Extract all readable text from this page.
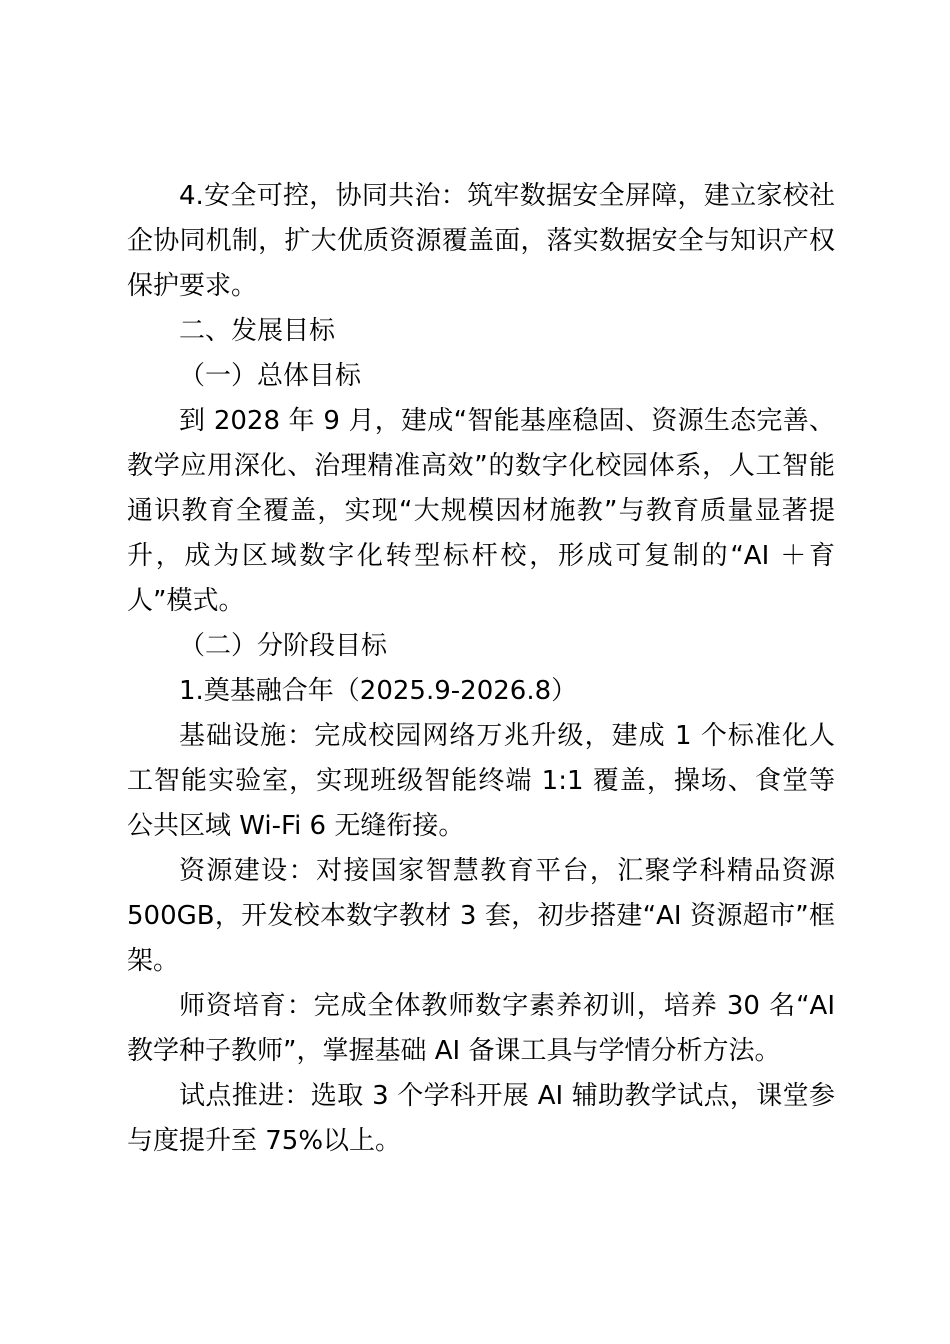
4.安全可控，协同共治：筑牢数据安全屏障，建立家校社企协同机制，扩大优质资源覆盖面，落实数据安全与知识产权保护要求。

二、发展目标

（一）总体目标

到 2028 年 9 月，建成“智能基座稳固、资源生态完善、教学应用深化、治理精准高效”的数字化校园体系，人工智能通识教育全覆盖，实现“大规模因材施教”与教育质量显著提升，成为区域数字化转型标杆校，形成可复制的“AI ＋育人”模式。

（二）分阶段目标

1.奠基融合年（2025.9-2026.8）

基础设施：完成校园网络万兆升级，建成 1 个标准化人工智能实验室，实现班级智能终端 1:1 覆盖，操场、食堂等公共区域 Wi-Fi 6 无缝衔接。

资源建设：对接国家智慧教育平台，汇聚学科精品资源 500GB，开发校本数字教材 3 套，初步搭建“AI 资源超市”框架。

师资培育：完成全体教师数字素养初训，培养 30 名“AI 教学种子教师”，掌握基础 AI 备课工具与学情分析方法。

试点推进：选取 3 个学科开展 AI 辅助教学试点，课堂参与度提升至 75%以上。
